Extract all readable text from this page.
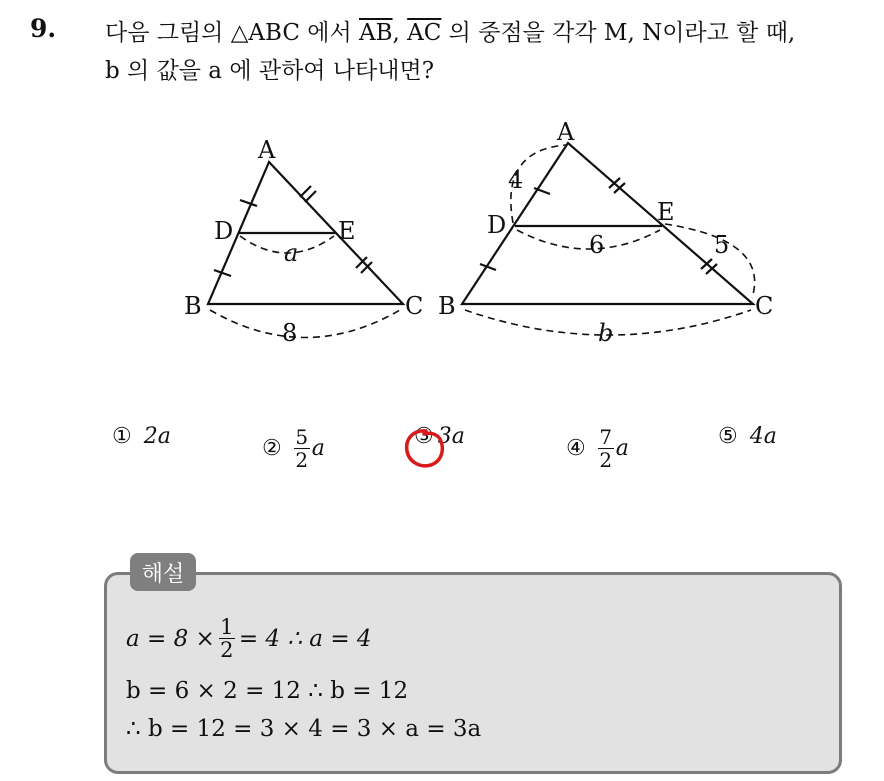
9. 다음 그림의 △ABC 에서 $\overline{AB}$, $\overline{AC}$ 의 중점을 각각 M, N이라고 할 때,
b 의 값을 a 에 관하여 나타내면?
A
D	E
B	C
a
8
A
D	E
B	C
4
6	5
b
① 2a	② $\frac{5}{2}$ a	③ 3a	④ $\frac{7}{2}$ a	⑤ 4a
해설
$a = 8 \times \frac{1}{2} = 4$ ∴ a = 4
b = 6 × 2 = 12 ∴ b = 12
∴ b = 12 = 3 × 4 = 3 × a = 3a
